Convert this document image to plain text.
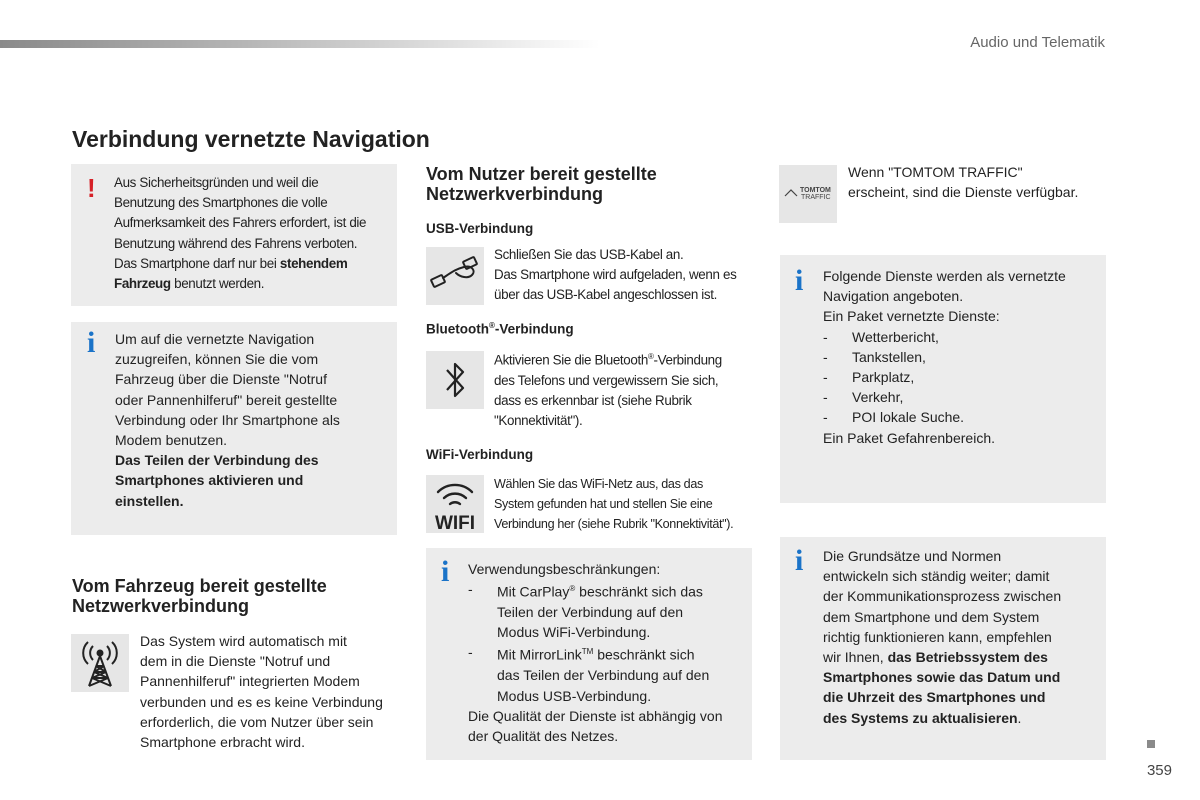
Audio und Telematik
Verbindung vernetzte Navigation
! Aus Sicherheitsgründen und weil die
Benutzung des Smartphones die volle
Aufmerksamkeit des Fahrers erfordert, ist die
Benutzung während des Fahrens verboten.
Das Smartphone darf nur bei stehendem
Fahrzeug benutzt werden.
i Um auf die vernetzte Navigation
zuzugreifen, können Sie die vom
Fahrzeug über die Dienste "Notruf
oder Pannenhilferuf" bereit gestellte
Verbindung oder Ihr Smartphone als
Modem benutzen.
Das Teilen der Verbindung des
Smartphones aktivieren und
einstellen.
Vom Fahrzeug bereit gestellte
Netzwerkverbindung
Das System wird automatisch mit
dem in die Dienste "Notruf und
Pannenhilferuf" integrierten Modem
verbunden und es es keine Verbindung
erforderlich, die vom Nutzer über sein
Smartphone erbracht wird.
Vom Nutzer bereit gestellte
Netzwerkverbindung
USB-Verbindung
Schließen Sie das USB-Kabel an.
Das Smartphone wird aufgeladen, wenn es
über das USB-Kabel angeschlossen ist.
Bluetooth®-Verbindung
Aktivieren Sie die Bluetooth®-Verbindung
des Telefons und vergewissern Sie sich,
dass es erkennbar ist (siehe Rubrik
"Konnektivität").
WiFi-Verbindung
WIFI
Wählen Sie das WiFi-Netz aus, das das
System gefunden hat und stellen Sie eine
Verbindung her (siehe Rubrik "Konnektivität").
i Verwendungsbeschränkungen:
- Mit CarPlay® beschränkt sich das
Teilen der Verbindung auf den
Modus WiFi-Verbindung.
- Mit MirrorLink™ beschränkt sich
das Teilen der Verbindung auf den
Modus USB-Verbindung.
Die Qualität der Dienste ist abhängig von
der Qualität des Netzes.
TOMTOM
TRAFFIC
Wenn "TOMTOM TRAFFIC"
erscheint, sind die Dienste verfügbar.
i Folgende Dienste werden als vernetzte
Navigation angeboten.
Ein Paket vernetzte Dienste:
- Wetterbericht,
- Tankstellen,
- Parkplatz,
- Verkehr,
- POI lokale Suche.
Ein Paket Gefahrenbereich.
i Die Grundsätze und Normen
entwickeln sich ständig weiter; damit
der Kommunikationsprozess zwischen
dem Smartphone und dem System
richtig funktionieren kann, empfehlen
wir Ihnen, das Betriebssystem des
Smartphones sowie das Datum und
die Uhrzeit des Smartphones und
des Systems zu aktualisieren.
359
